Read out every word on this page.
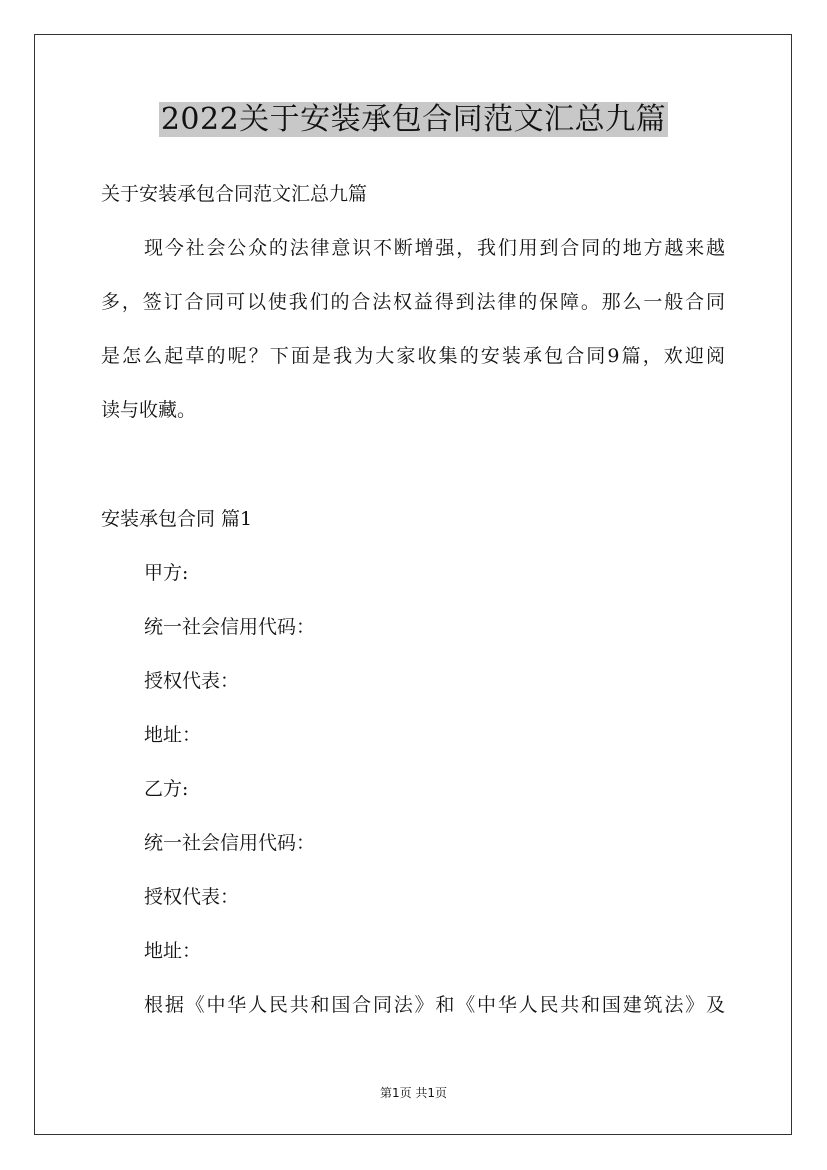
2022关于安装承包合同范文汇总九篇
关于安装承包合同范文汇总九篇
现今社会公众的法律意识不断增强，我们用到合同的地方越来越
多，签订合同可以使我们的合法权益得到法律的保障。那么一般合同
是怎么起草的呢？下面是我为大家收集的安装承包合同9篇，欢迎阅
读与收藏。
安装承包合同 篇1
甲方:
统一社会信用代码：
授权代表：
地址：
乙方:
统一社会信用代码：
授权代表：
地址：
根据《中华人民共和国合同法》和《中华人民共和国建筑法》及
第1页 共1页
